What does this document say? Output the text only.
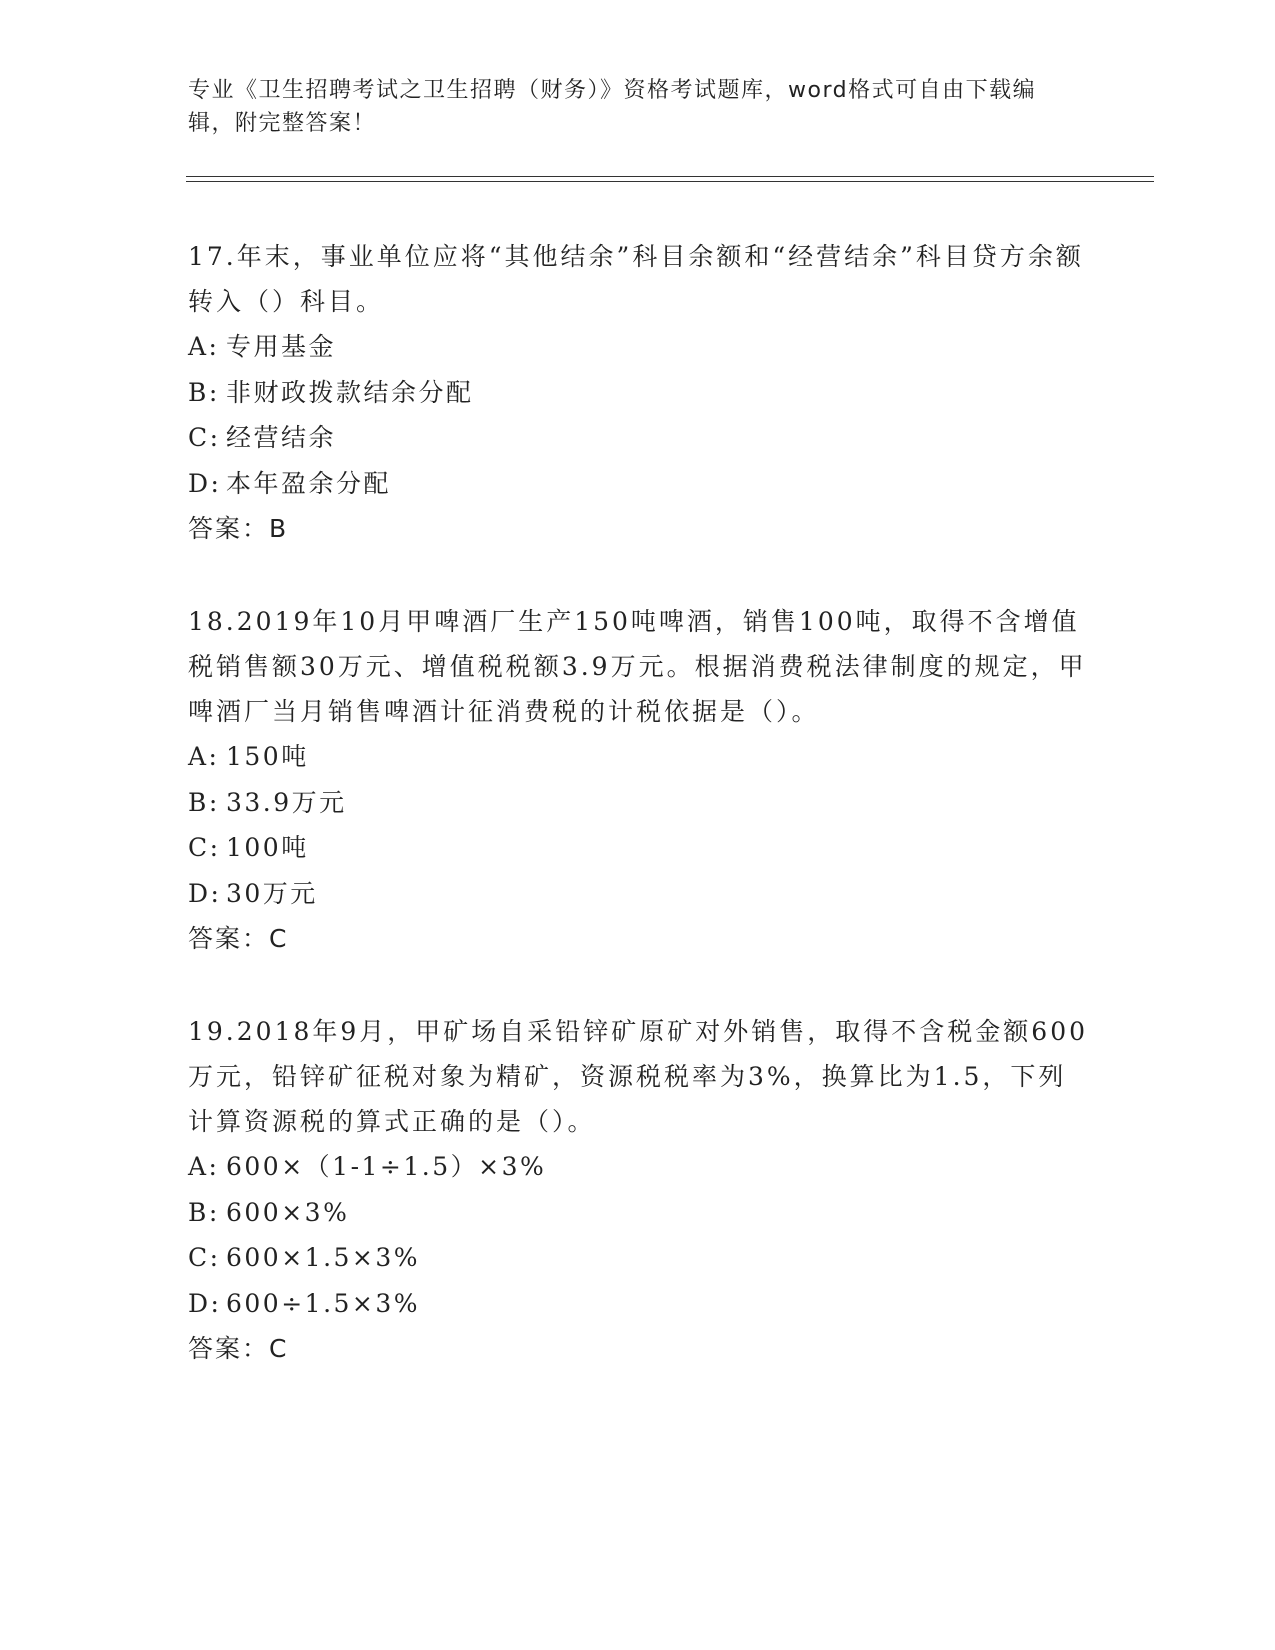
专业《卫生招聘考试之卫生招聘（财务）》资格考试题库，word格式可自由下载编辑，附完整答案！

17.年末，事业单位应将“其他结余”科目余额和“经营结余”科目贷方余额转入（）科目。

A: 专用基金
B: 非财政拨款结余分配
C: 经营结余
D: 本年盈余分配
答案：B

18.2019年10月甲啤酒厂生产150吨啤酒，销售100吨，取得不含增值税销售额30万元、增值税税额3.9万元。根据消费税法律制度的规定，甲啤酒厂当月销售啤酒计征消费税的计税依据是（）。

A: 150吨
B: 33.9万元
C: 100吨
D: 30万元
答案：C

19.2018年9月，甲矿场自采铅锌矿原矿对外销售，取得不含税金额600万元，铅锌矿征税对象为精矿，资源税税率为3%，换算比为1.5，下列计算资源税的算式正确的是（）。

A: 600×（1-1÷1.5）×3%
B: 600×3%
C: 600×1.5×3%
D: 600÷1.5×3%
答案：C
